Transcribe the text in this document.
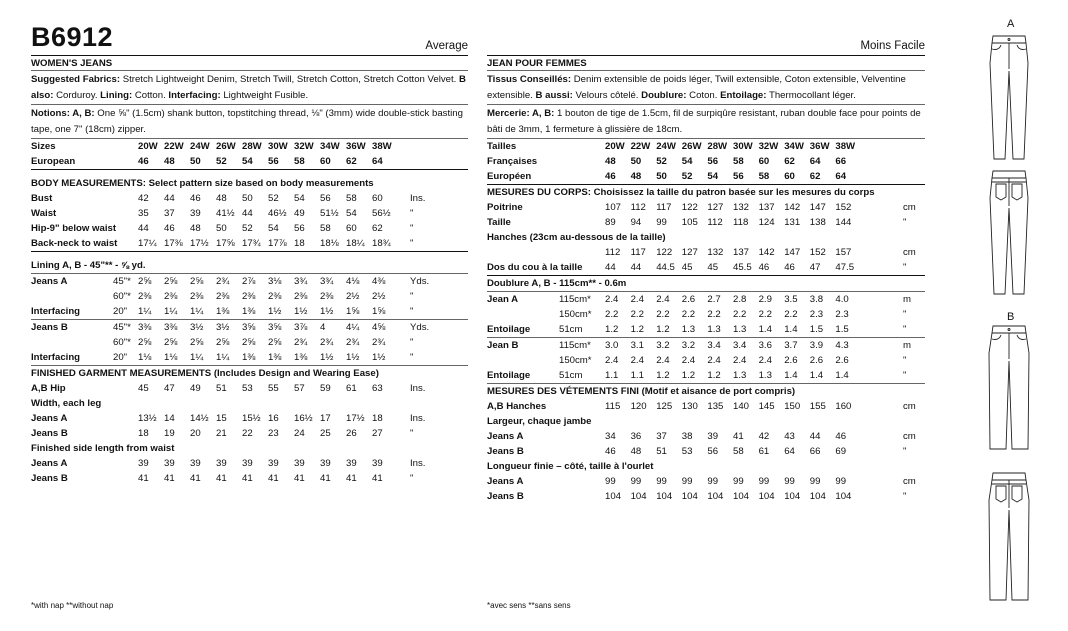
B6912	Average
WOMEN'S JEANS
Suggested Fabrics: Stretch Lightweight Denim, Stretch Twill, Stretch Cotton, Stretch Cotton Velvet. B also: Corduroy. Lining: Cotton. Interfacing: Lightweight Fusible.
Notions: A, B: One ⅝" (1.5cm) shank button, topstitching thread, ⅛" (3mm) wide double-stick basting tape, one 7" (18cm) zipper.
Sizes	20W 22W 24W 26W 28W 30W 32W 34W 36W 38W
European	46 48 50 52 54 56 58 60 62 64
BODY MEASUREMENTS: Select pattern size based on body measurements
Bust	42 44 46 48 50 52 54 56 58 60	Ins.
Waist	35 37 39 41½ 44 46½ 49 51½ 54 56½ "
Hip-9" below waist 44 46 48 50 52 54 56 58 60 62	"
Back-neck to waist 17¼ 17⅜ 17½ 17⅝ 17¾ 17⅞ 18 18⅛ 18¼ 18¾ "
Lining A, B - 45"** - ⅝ yd.
Jeans A	45"* 2⅝ 2⅝ 2⅝ 2¾ 2⅞ 3⅛ 3¾ 3¾ 4⅛ 4⅜	Yds.
60"* 2⅜ 2⅜ 2⅜ 2⅜ 2⅜ 2⅜ 2⅜ 2⅜ 2½ 2½	"
Interfacing	20" 1¼ 1¼ 1¼ 1⅜ 1⅜ 1½ 1½ 1½ 1⅝ 1⅝	"
Jeans B	45"* 3⅜ 3⅜ 3½ 3½ 3⅝ 3⅝ 3⅞ 4 4¼ 4⅝	Yds.
60"* 2⅝ 2⅝ 2⅝ 2⅝ 2⅝ 2⅝ 2¾ 2¾ 2¾ 2¾	"
Interfacing	20" 1⅛ 1⅛ 1¼ 1¼ 1⅜ 1⅜ 1⅜ 1½ 1½ 1½	"
FINISHED GARMENT MEASUREMENTS (Includes Design and Wearing Ease)
A,B Hip	45 47 49 51 53 55 57 59 61 63	Ins.
Width, each leg
Jeans A	13½ 14 14½ 15 15½ 16 16½ 17 17½ 18	Ins.
Jeans B	18 19 20 21 22 23 24 25 26 27	"
Finished side length from waist
Jeans A	39 39 39 39 39 39 39 39 39 39	Ins.
Jeans B	41 41 41 41 41 41 41 41 41 41	"
*with nap **without nap
Moins Facile
JEAN POUR FEMMES
Tissus Conseillés: Denim extensible de poids léger, Twill extensible, Coton extensible, Velventine extensible. B aussi: Velours côtelé. Doublure: Coton. Entoilage: Thermocollant léger.
Mercerie: A, B: 1 bouton de tige de 1.5cm, fil de surpiqûre resistant, ruban double face pour points de bâti de 3mm, 1 fermeture à glissière de 18cm.
Tailles	20W 22W 24W 26W 28W 30W 32W 34W 36W 38W
Françaises	48 50 52 54 56 58 60 62 64 66
Européen	46 48 50 52 54 56 58 60 62 64
MESURES DU CORPS: Choisissez la taille du patron basée sur les mesures du corps
Poitrine	107 112 117 122 127 132 137 142 147 152	cm
Taille	89 94 99 105 112 118 124 131 138 144	"
Hanches (23cm au-dessous de la taille)
112 117 122 127 132 137 142 147 152 157	cm
Dos du cou à la taille 44 44 44.5 45 45 45.5 46 46 47 47.5	"
Doublure A, B - 115cm** - 0.6m
Jean A	115cm* 2.4 2.4 2.4 2.6 2.7 2.8 2.9 3.5 3.8 4.0	m
150cm* 2.2 2.2 2.2 2.2 2.2 2.2 2.2 2.2 2.3 2.3	"
Entoilage	51cm 1.2 1.2 1.2 1.3 1.3 1.3 1.4 1.4 1.5 1.5	"
Jean B	115cm* 3.0 3.1 3.2 3.2 3.4 3.4 3.6 3.7 3.9 4.3	m
150cm* 2.4 2.4 2.4 2.4 2.4 2.4 2.4 2.6 2.6 2.6	"
Entoilage	51cm 1.1 1.1 1.2 1.2 1.2 1.3 1.3 1.4 1.4 1.4	"
MESURES DES VÉTEMENTS FINI (Motif et aisance de port compris)
A,B Hanches	115 120 125 130 135 140 145 150 155 160	cm
Largeur, chaque jambe
Jeans A	34 36 37 38 39 41 42 43 44 46	cm
Jeans B	46 48 51 53 56 58 61 64 66 69	"
Longueur finie – côté, taille à l'ourlet
Jeans A	99 99 99 99 99 99 99 99 99 99	cm
Jeans B	104 104 104 104 104 104 104 104 104 104	"
*avec sens **sans sens
A
B
